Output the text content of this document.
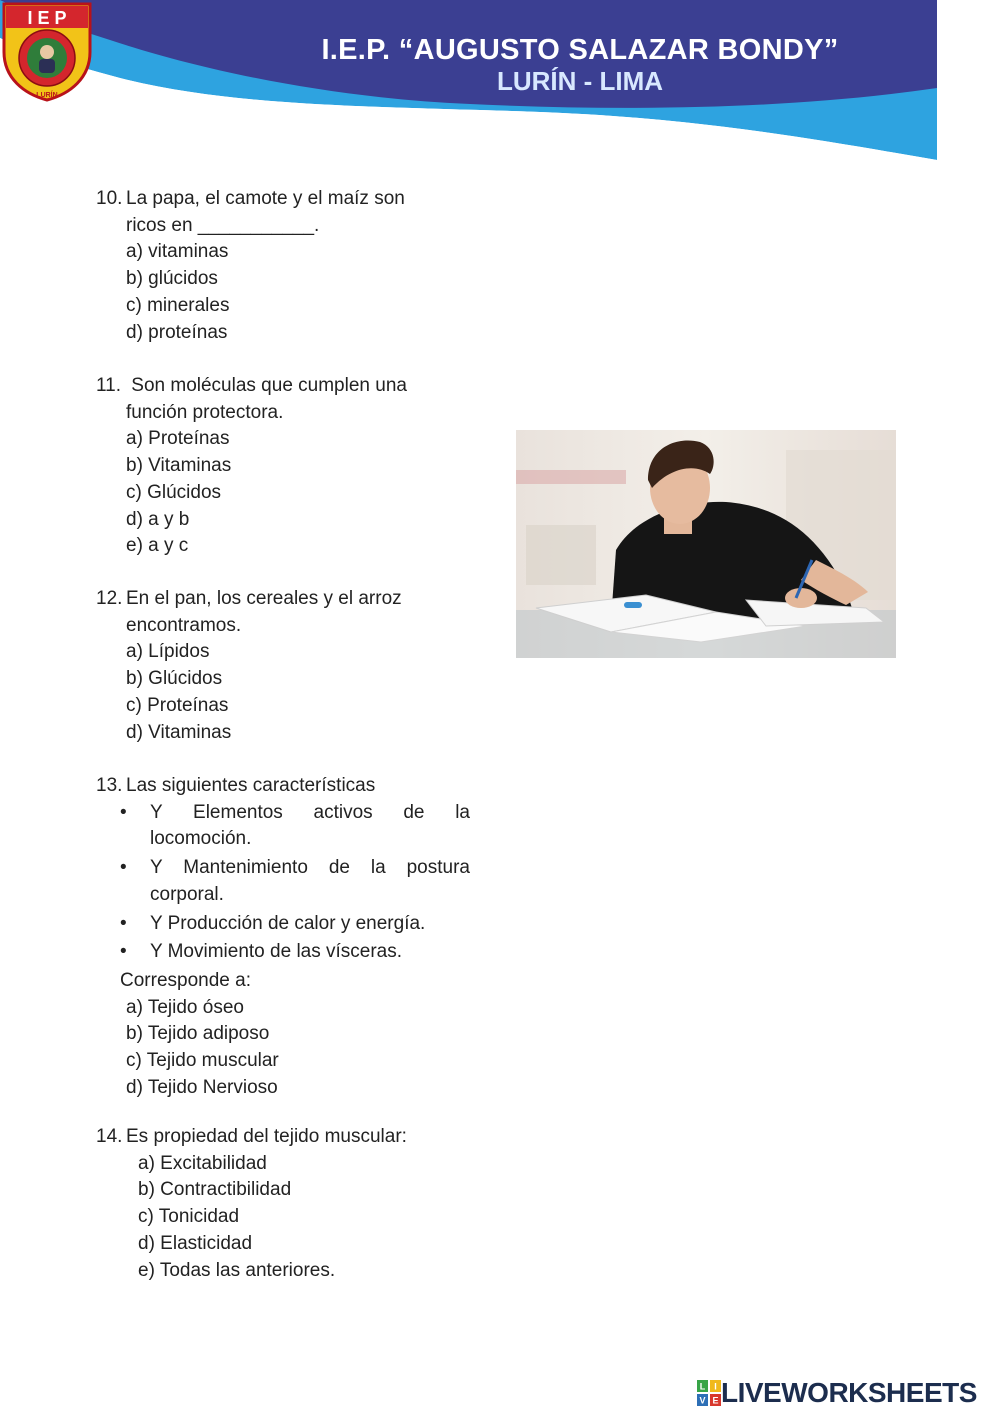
I E P
LURÍN
I.E.P. “AUGUSTO SALAZAR BONDY”
LURÍN - LIMA
10. La papa, el camote y el maíz son
ricos en ___________.
a) vitaminas
b) glúcidos
c) minerales
d) proteínas
11. Son moléculas que cumplen una
función protectora.
a) Proteínas
b) Vitaminas
c) Glúcidos
d) a y b
e) a y c
12. En el pan, los cereales y el arroz
encontramos.
a) Lípidos
b) Glúcidos
c) Proteínas
d) Vitaminas
13. Las siguientes características
• Y Elementos activos de la locomoción.
• Y Mantenimiento de la postura corporal.
• Y Producción de calor y energía.
• Y Movimiento de las vísceras.
Corresponde a:
a) Tejido óseo
b) Tejido adiposo
c) Tejido muscular
d) Tejido Nervioso
14. Es propiedad del tejido muscular:
a) Excitabilidad
b) Contractibilidad
c) Tonicidad
d) Elasticidad
e) Todas las anteriores.
L I
V E LIVEWORKSHEETS
